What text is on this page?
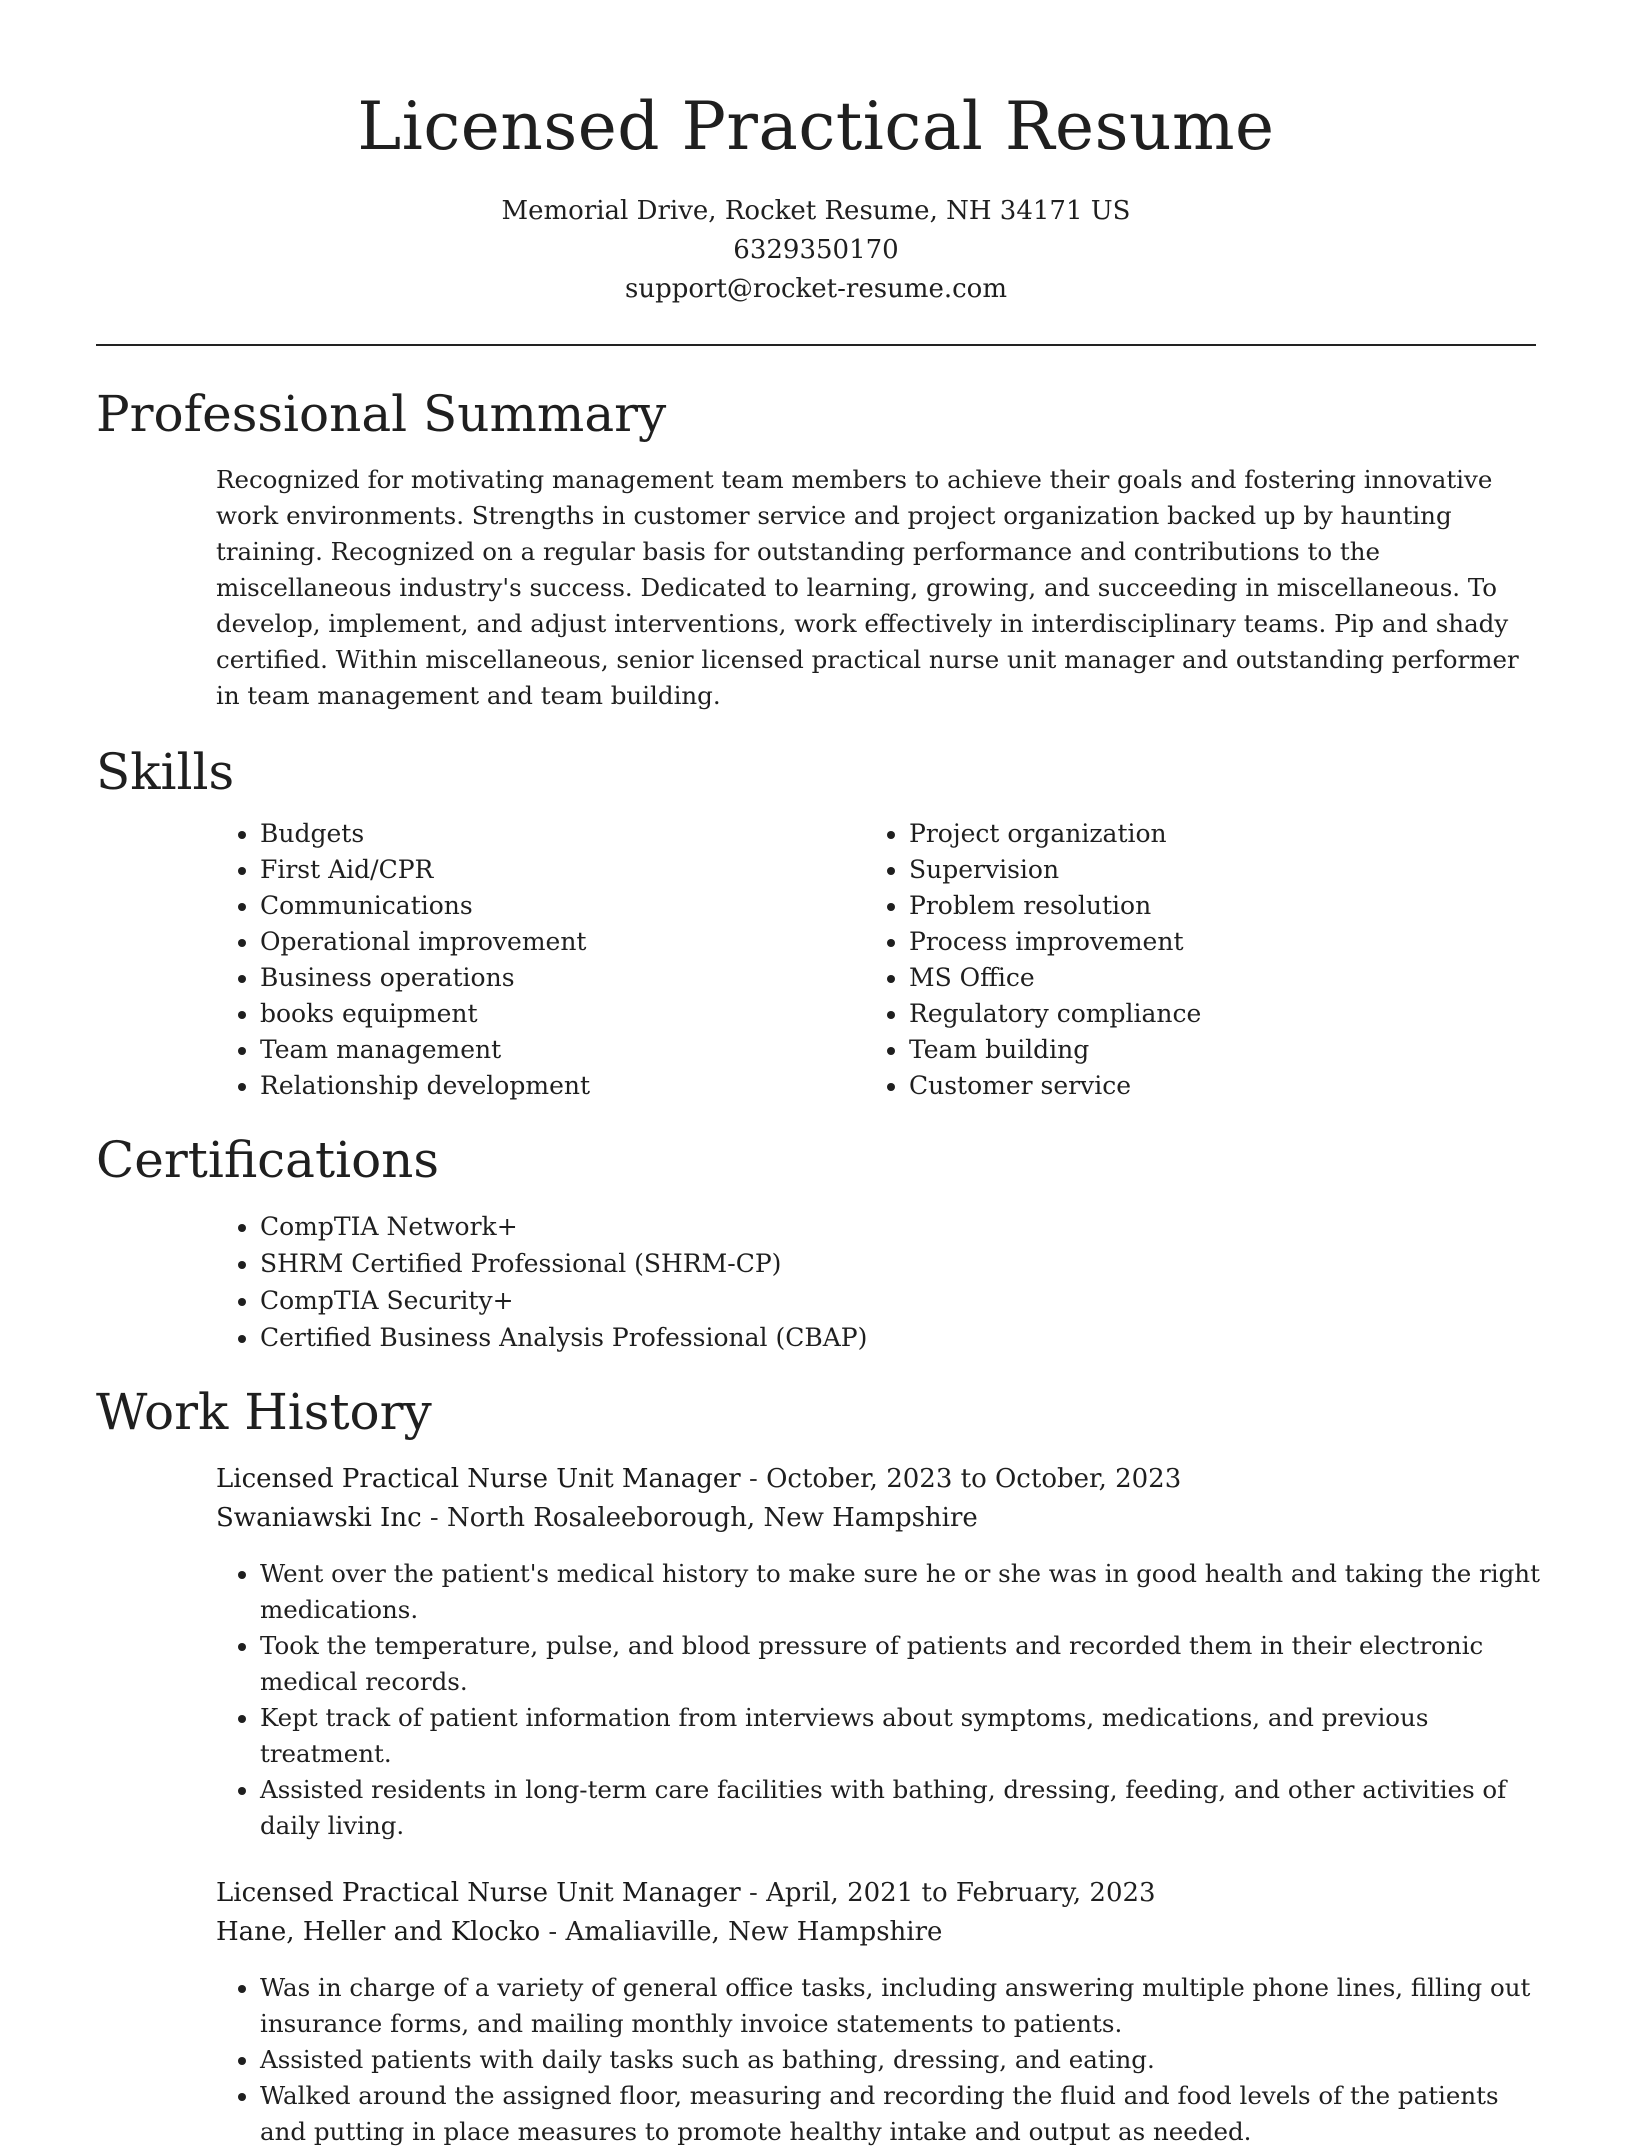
Licensed Practical Resume
Memorial Drive, Rocket Resume, NH 34171 US
6329350170
support@rocket-resume.com
Professional Summary
Recognized for motivating management team members to achieve their goals and fostering innovative work environments. Strengths in customer service and project organization backed up by haunting training. Recognized on a regular basis for outstanding performance and contributions to the miscellaneous industry's success. Dedicated to learning, growing, and succeeding in miscellaneous. To develop, implement, and adjust interventions, work effectively in interdisciplinary teams. Pip and shady certified. Within miscellaneous, senior licensed practical nurse unit manager and outstanding performer in team management and team building.
Skills
• Budgets
• First Aid/CPR
• Communications
• Operational improvement
• Business operations
• books equipment
• Team management
• Relationship development
• Project organization
• Supervision
• Problem resolution
• Process improvement
• MS Office
• Regulatory compliance
• Team building
• Customer service
Certifications
• CompTIA Network+
• SHRM Certified Professional (SHRM-CP)
• CompTIA Security+
• Certified Business Analysis Professional (CBAP)
Work History
Licensed Practical Nurse Unit Manager - October, 2023 to October, 2023
Swaniawski Inc - North Rosaleeborough, New Hampshire
• Went over the patient's medical history to make sure he or she was in good health and taking the right medications.
• Took the temperature, pulse, and blood pressure of patients and recorded them in their electronic medical records.
• Kept track of patient information from interviews about symptoms, medications, and previous treatment.
• Assisted residents in long-term care facilities with bathing, dressing, feeding, and other activities of daily living.
Licensed Practical Nurse Unit Manager - April, 2021 to February, 2023
Hane, Heller and Klocko - Amaliaville, New Hampshire
• Was in charge of a variety of general office tasks, including answering multiple phone lines, filling out insurance forms, and mailing monthly invoice statements to patients.
• Assisted patients with daily tasks such as bathing, dressing, and eating.
• Walked around the assigned floor, measuring and recording the fluid and food levels of the patients and putting in place measures to promote healthy intake and output as needed.
